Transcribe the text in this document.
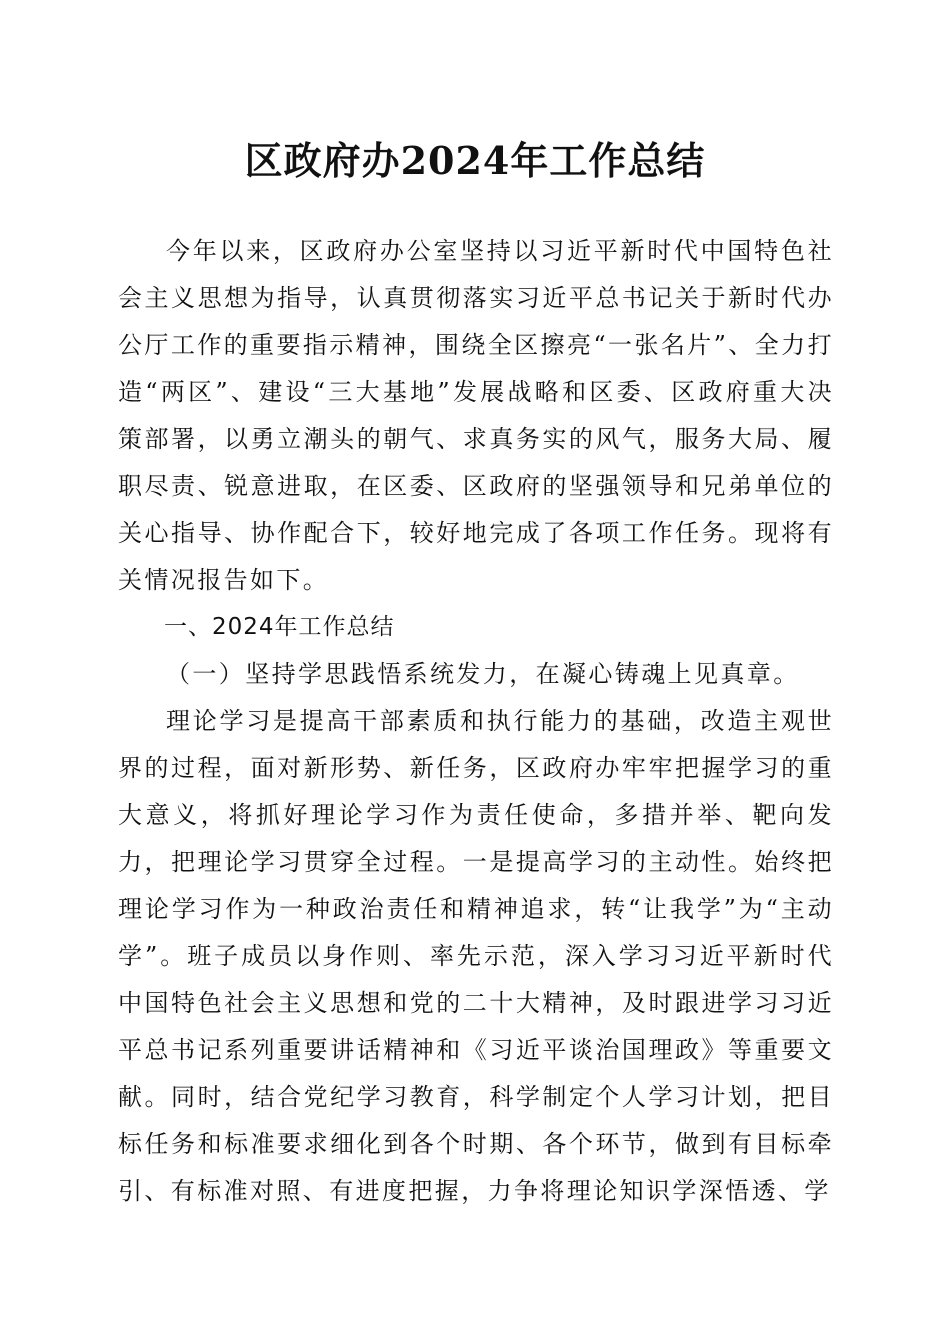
区政府办2024年工作总结

今年以来，区政府办公室坚持以习近平新时代中国特色社会主义思想为指导，认真贯彻落实习近平总书记关于新时代办公厅工作的重要指示精神，围绕全区擦亮“一张名片”、全力打造“两区”、建设“三大基地”发展战略和区委、区政府重大决策部署，以勇立潮头的朝气、求真务实的风气，服务大局、履职尽责、锐意进取，在区委、区政府的坚强领导和兄弟单位的关心指导、协作配合下，较好地完成了各项工作任务。现将有关情况报告如下。

一、2024年工作总结

（一）坚持学思践悟系统发力，在凝心铸魂上见真章。

理论学习是提高干部素质和执行能力的基础，改造主观世界的过程，面对新形势、新任务，区政府办牢牢把握学习的重大意义，将抓好理论学习作为责任使命，多措并举、靶向发力，把理论学习贯穿全过程。一是提高学习的主动性。始终把理论学习作为一种政治责任和精神追求，转“让我学”为“主动学”。班子成员以身作则、率先示范，深入学习习近平新时代中国特色社会主义思想和党的二十大精神，及时跟进学习习近平总书记系列重要讲话精神和《习近平谈治国理政》等重要文献。同时，结合党纪学习教育，科学制定个人学习计划，把目标任务和标准要求细化到各个时期、各个环节，做到有目标牵引、有标准对照、有进度把握，力争将理论知识学深悟透、学
